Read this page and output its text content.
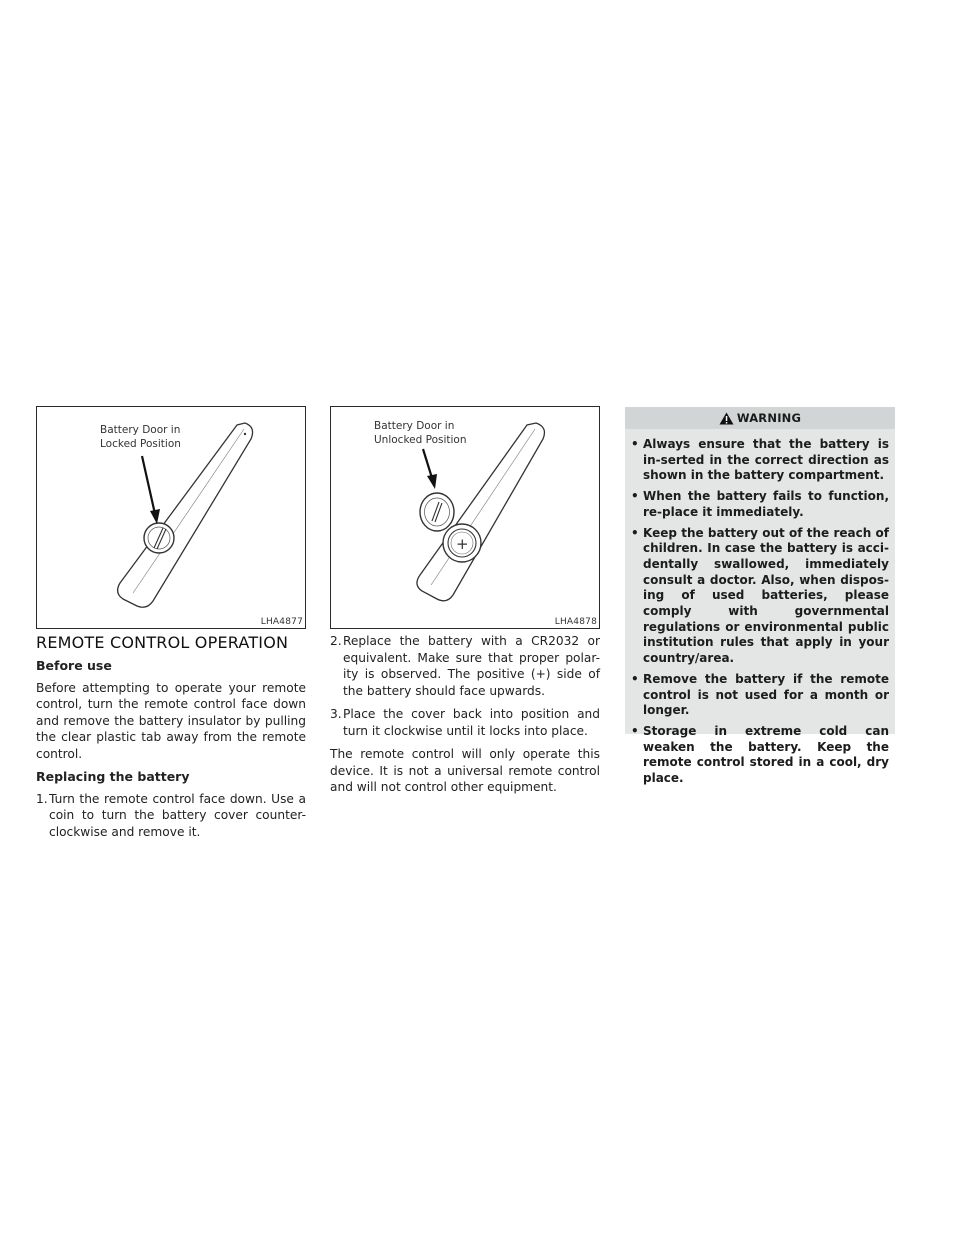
Battery Door in
Locked Position
LHA4877
+
Battery Door in
Unlocked Position
LHA4878
REMOTE CONTROL OPERATION
Before use

Before attempting to operate your remote control, turn the remote control face down and remove the battery insulator by pulling the clear plastic tab away from the remote control.

Replacing the battery
1. Turn the remote control face down. Use a coin to turn the battery cover counter-clockwise and remove it.
2. Replace the battery with a CR2032 or equivalent. Make sure that proper polar-ity is observed. The positive (+) side of the battery should face upwards.
3. Place the cover back into position and turn it clockwise until it locks into place.

The remote control will only operate this device. It is not a universal remote control and will not control other equipment.

WARNING
• Always ensure that the battery is in-serted in the correct direction as shown in the battery compartment.
• When the battery fails to function, re-place it immediately.
• Keep the battery out of the reach of children. In case the battery is acci-dentally swallowed, immediately consult a doctor. Also, when dispos-ing of used batteries, please comply with governmental regulations or environmental public institution rules that apply in your country/area.
• Remove the battery if the remote control is not used for a month or longer.
• Storage in extreme cold can weaken the battery. Keep the remote control stored in a cool, dry place.
